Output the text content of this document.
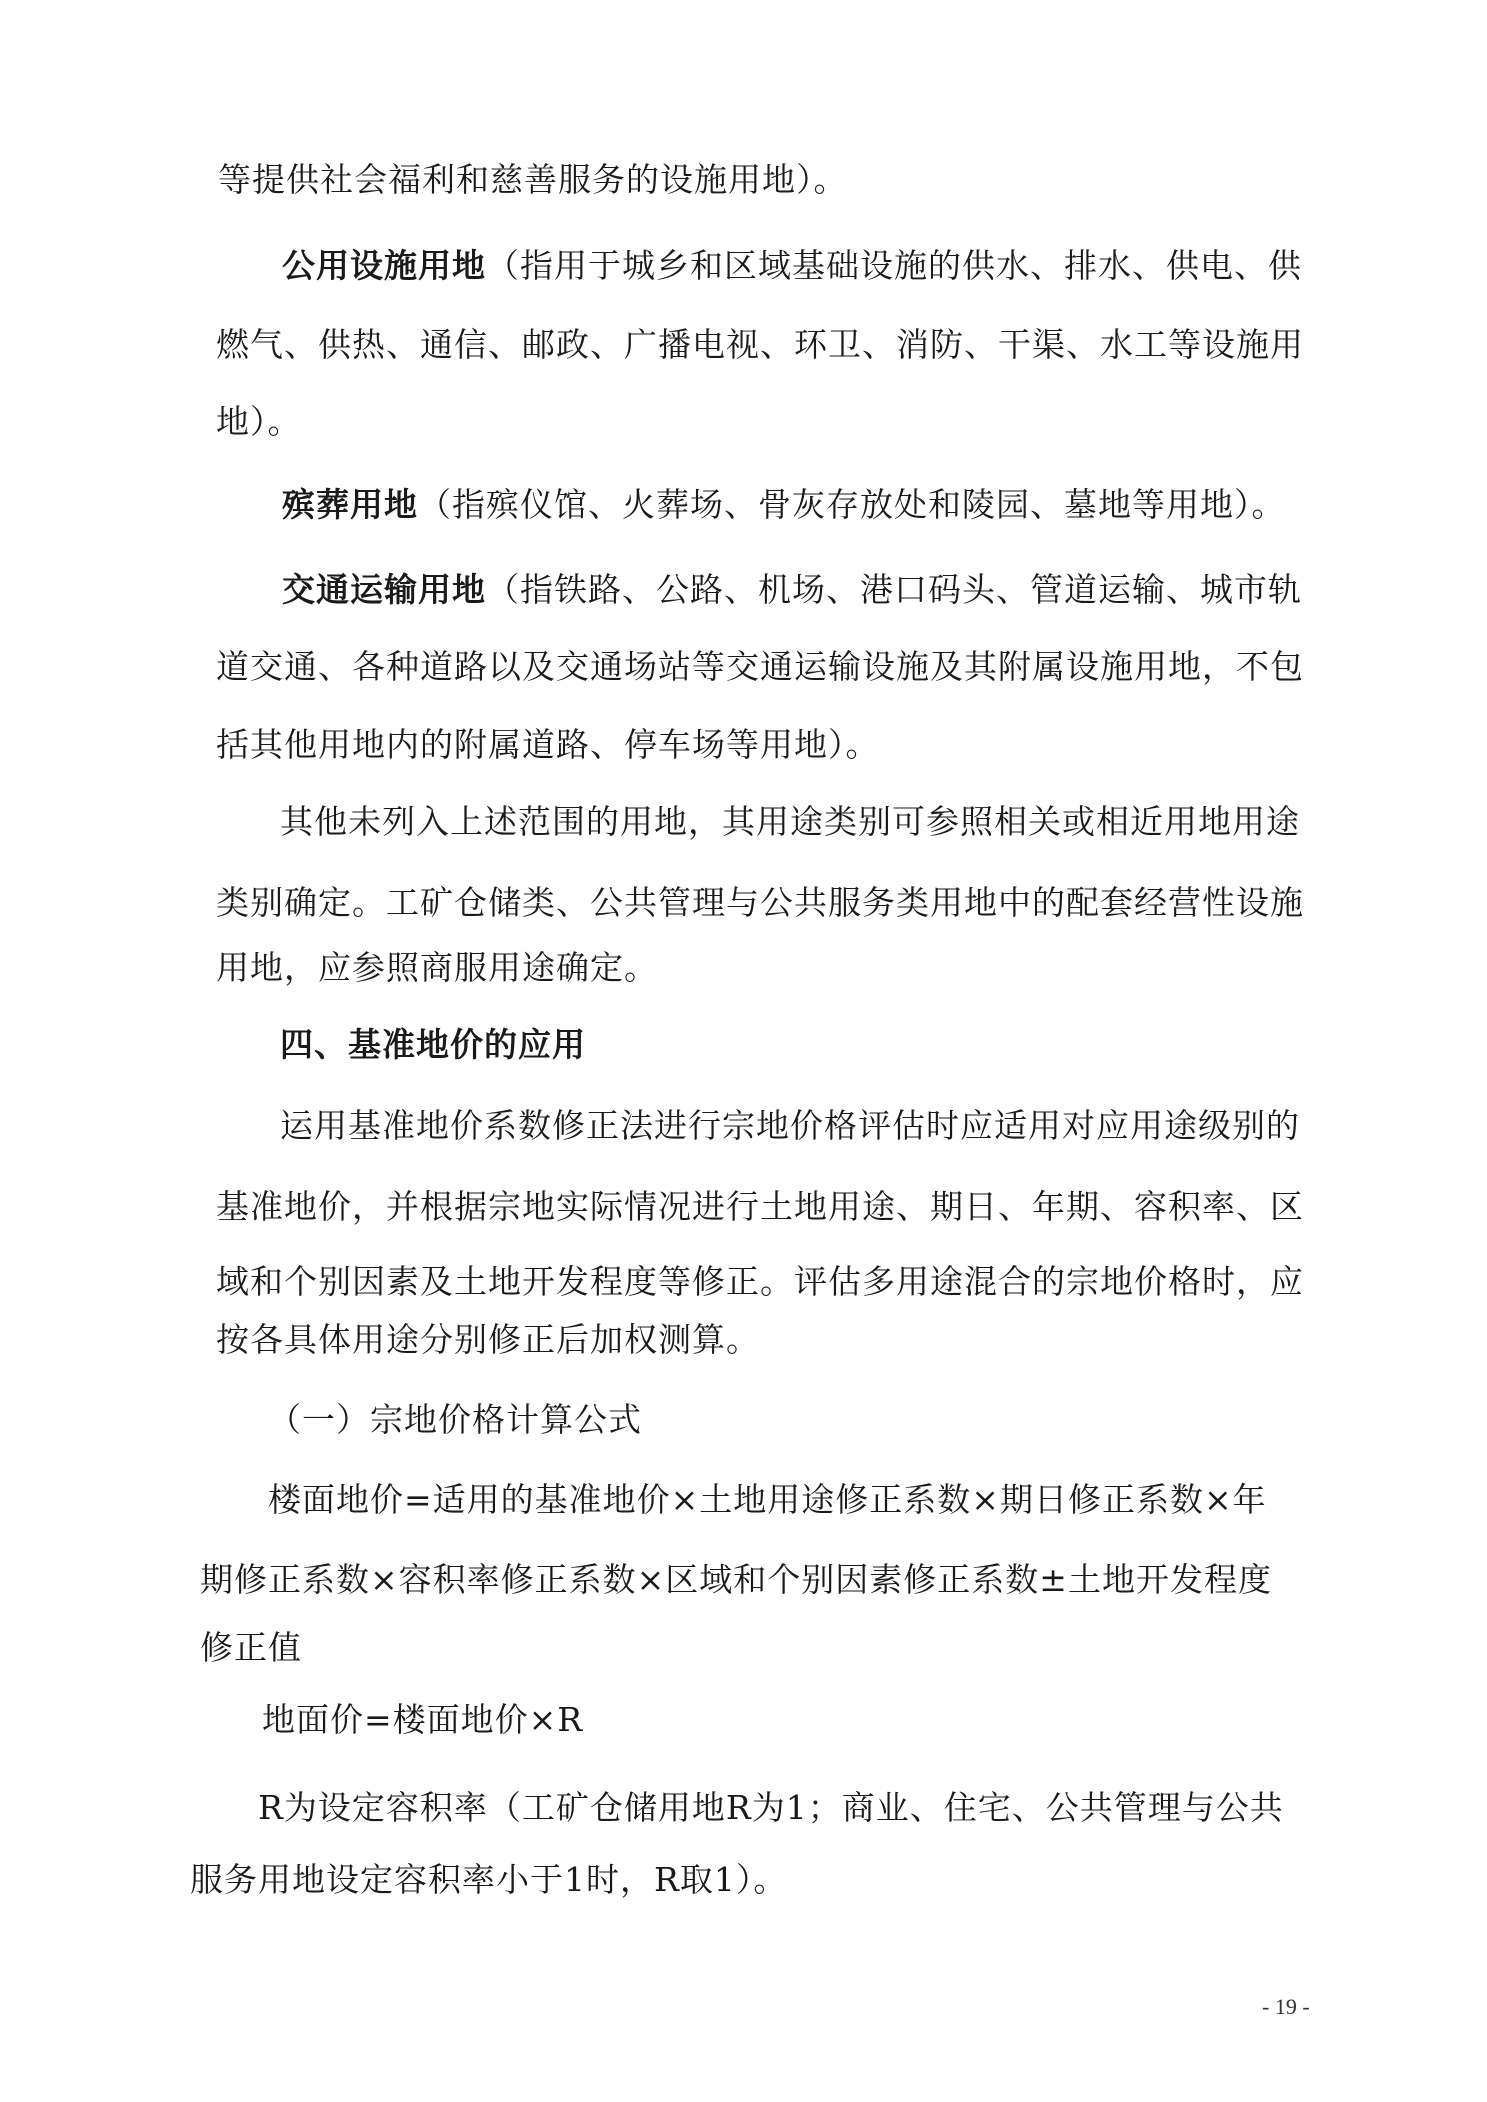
等提供社会福利和慈善服务的设施用地）。

公用设施用地（指用于城乡和区域基础设施的供水、排水、供电、供

燃气、供热、通信、邮政、广播电视、环卫、消防、干渠、水工等设施用

地）。

殡葬用地（指殡仪馆、火葬场、骨灰存放处和陵园、墓地等用地）。

交通运输用地（指铁路、公路、机场、港口码头、管道运输、城市轨

道交通、各种道路以及交通场站等交通运输设施及其附属设施用地，不包

括其他用地内的附属道路、停车场等用地）。

其他未列入上述范围的用地，其用途类别可参照相关或相近用地用途

类别确定。工矿仓储类、公共管理与公共服务类用地中的配套经营性设施

用地，应参照商服用途确定。

四、基准地价的应用

运用基准地价系数修正法进行宗地价格评估时应适用对应用途级别的

基准地价，并根据宗地实际情况进行土地用途、期日、年期、容积率、区

域和个别因素及土地开发程度等修正。评估多用途混合的宗地价格时，应

按各具体用途分别修正后加权测算。

（一）宗地价格计算公式

楼面地价=适用的基准地价×土地用途修正系数×期日修正系数×年

期修正系数×容积率修正系数×区域和个别因素修正系数±土地开发程度

修正值

地面价=楼面地价×R

R为设定容积率（工矿仓储用地R为1；商业、住宅、公共管理与公共

服务用地设定容积率小于1时，R取1）。

- 19 -
